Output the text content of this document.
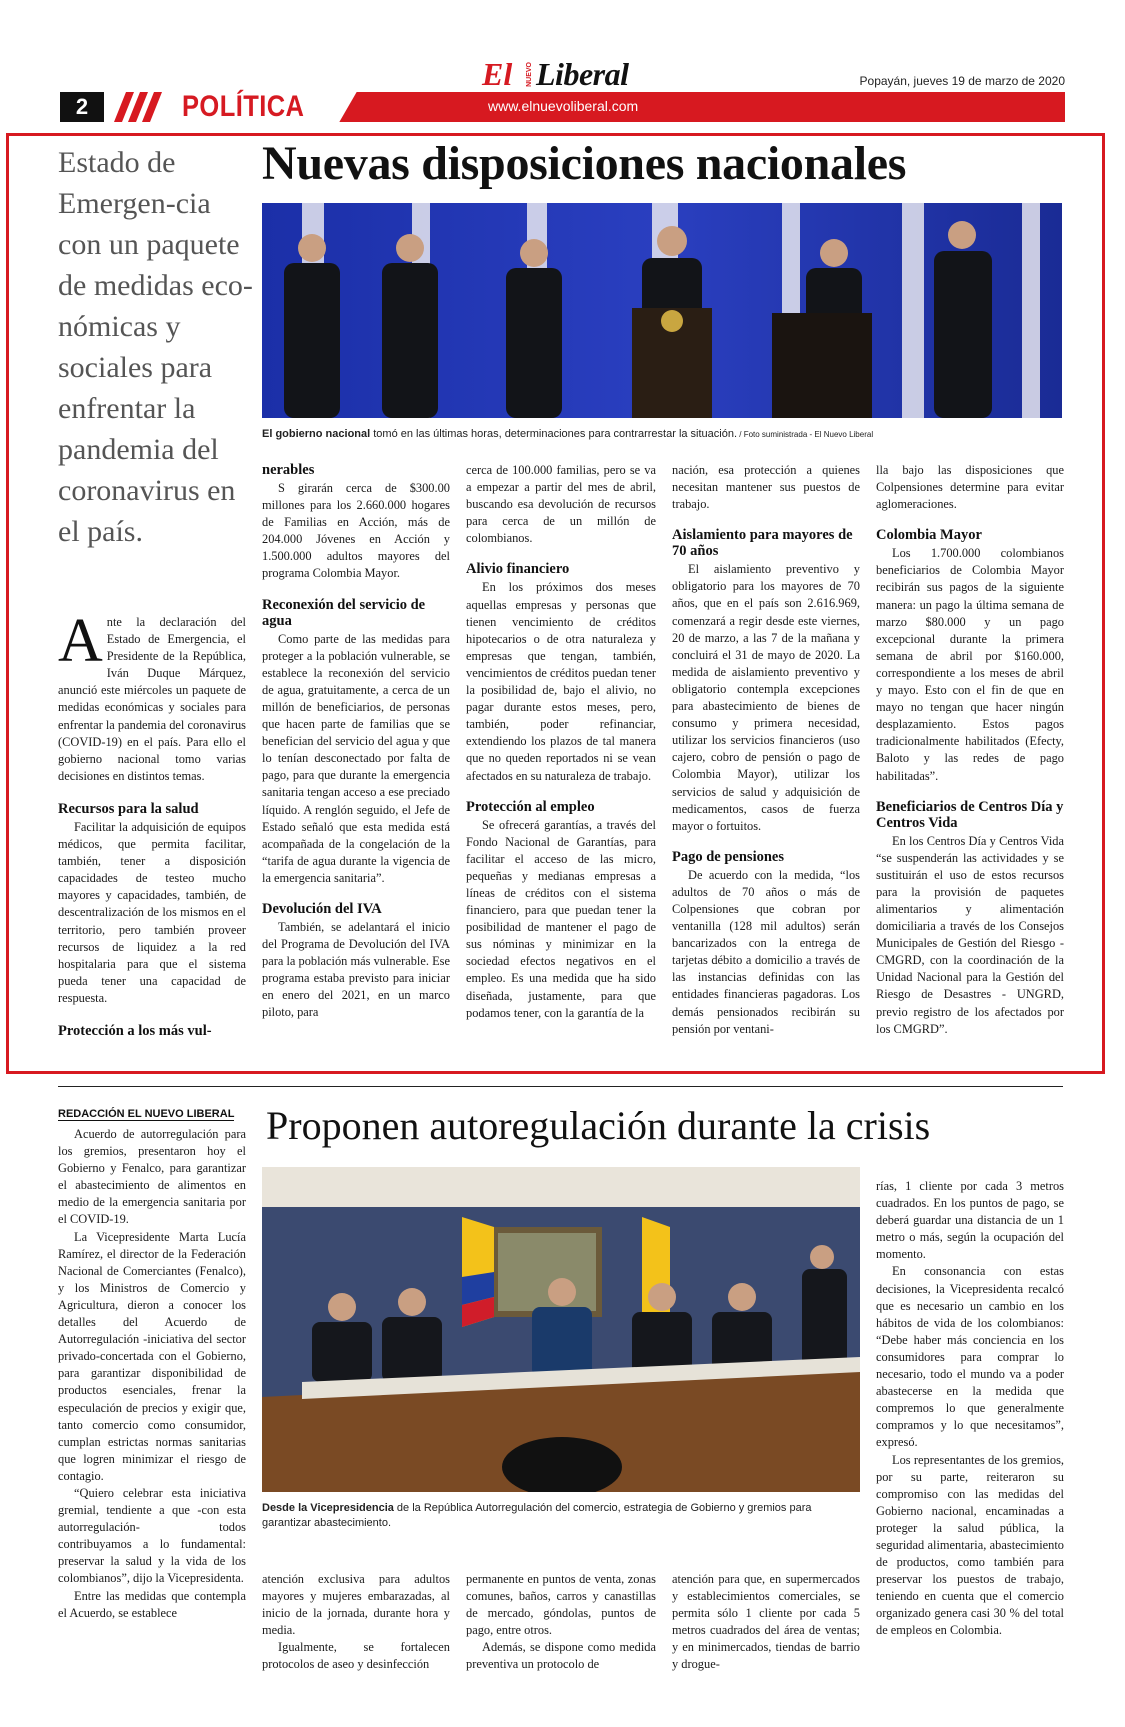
2	POLÍTICA	www.elnuevoliberal.com
El NUEVO Liberal	Popayán, jueves 19 de marzo de 2020
Estado de Emergen-cia con un paquete de medidas eco-nómicas y sociales para enfrentar la pandemia del coronavirus en el país.
Nuevas disposiciones nacionales
El gobierno nacional tomó en las últimas horas, determinaciones para contrarrestar la situación. / Foto suministrada - El Nuevo Liberal

Ante la declaración del Estado de Emergencia, el Presidente de la República, Iván Duque Márquez, anunció este miércoles un paquete de medidas económicas y sociales para enfrentar la pandemia del coronavirus (COVID-19) en el país. Para ello el gobierno nacional tomo varias decisiones en distintos temas.

Recursos para la salud

Facilitar la adquisición de equipos médicos, que permita facilitar, también, tener a disposición capacidades de testeo mucho mayores y capacidades, también, de descentralización de los mismos en el territorio, pero también proveer recursos de liquidez a la red hospitalaria para que el sistema pueda tener una capacidad de respuesta.

Protección a los más vul-
nerables

S girarán cerca de $300.00 millones para los 2.660.000 hogares de Familias en Acción, más de 204.000 Jóvenes en Acción y 1.500.000 adultos mayores del programa Colombia Mayor.

Reconexión del servicio de agua

Como parte de las medidas para proteger a la población vulnerable, se establece la reconexión del servicio de agua, gratuitamente, a cerca de un millón de beneficiarios, de personas que hacen parte de familias que se benefician del servicio del agua y que lo tenían desconectado por falta de pago, para que durante la emergencia sanitaria tengan acceso a ese preciado líquido. A renglón seguido, el Jefe de Estado señaló que esta medida está acompañada de la congelación de la “tarifa de agua durante la vigencia de la emergencia sanitaria”.

Devolución del IVA

También, se adelantará el inicio del Programa de Devolución del IVA para la población más vulnerable. Ese programa estaba previsto para iniciar en enero del 2021, en un marco piloto, para

cerca de 100.000 familias, pero se va a empezar a partir del mes de abril, buscando esa devolución de recursos para cerca de un millón de colombianos.

Alivio financiero

En los próximos dos meses aquellas empresas y personas que tienen vencimiento de créditos hipotecarios o de otra naturaleza y empresas que tengan, también, vencimientos de créditos puedan tener la posibilidad de, bajo el alivio, no pagar durante estos meses, pero, también, poder refinanciar, extendiendo los plazos de tal manera que no queden reportados ni se vean afectados en su naturaleza de trabajo.

Protección al empleo

Se ofrecerá garantías, a través del Fondo Nacional de Garantías, para facilitar el acceso de las micro, pequeñas y medianas empresas a líneas de créditos con el sistema financiero, para que puedan tener la posibilidad de mantener el pago de sus nóminas y minimizar en la sociedad efectos negativos en el empleo. Es una medida que ha sido diseñada, justamente, para que podamos tener, con la garantía de la

nación, esa protección a quienes necesitan mantener sus puestos de trabajo.

Aislamiento para mayores de 70 años

El aislamiento preventivo y obligatorio para los mayores de 70 años, que en el país son 2.616.969, comenzará a regir desde este viernes, 20 de marzo, a las 7 de la mañana y concluirá el 31 de mayo de 2020. La medida de aislamiento preventivo y obligatorio contempla excepciones para abastecimiento de bienes de consumo y primera necesidad, utilizar los servicios financieros (uso cajero, cobro de pensión o pago de Colombia Mayor), utilizar los servicios de salud y adquisición de medicamentos, casos de fuerza mayor o fortuitos.

Pago de pensiones

De acuerdo con la medida, “los adultos de 70 años o más de Colpensiones que cobran por ventanilla (128 mil adultos) serán bancarizados con la entrega de tarjetas débito a domicilio a través de las instancias definidas con las entidades financieras pagadoras. Los demás pensionados recibirán su pensión por ventani-

lla bajo las disposiciones que Colpensiones determine para evitar aglomeraciones.

Colombia Mayor

Los 1.700.000 colombianos beneficiarios de Colombia Mayor recibirán sus pagos de la siguiente manera: un pago la última semana de marzo $80.000 y un pago excepcional durante la primera semana de abril por $160.000, correspondiente a los meses de abril y mayo. Esto con el fin de que en mayo no tengan que hacer ningún desplazamiento. Estos pagos tradicionalmente habilitados (Efecty, Baloto y las redes de pago habilitadas”.

Beneficiarios de Centros Día y Centros Vida

En los Centros Día y Centros Vida “se suspenderán las actividades y se sustituirán el uso de estos recursos para la provisión de paquetes alimentarios y alimentación domiciliaria a través de los Consejos Municipales de Gestión del Riesgo -CMGRD, con la coordinación de la Unidad Nacional para la Gestión del Riesgo de Desastres - UNGRD, previo registro de los afectados por los CMGRD”.

REDACCIÓN EL NUEVO LIBERAL Proponen autoregulación durante la crisis
Desde la Vicepresidencia de la República Autorregulación del comercio, estrategia de Gobierno y gremios para garantizar abastecimiento.

Acuerdo de autorregulación para los gremios, presentaron hoy el Gobierno y Fenalco, para garantizar el abastecimiento de alimentos en medio de la emergencia sanitaria por el COVID-19.

La Vicepresidente Marta Lucía Ramírez, el director de la Federación Nacional de Comerciantes (Fenalco), y los Ministros de Comercio y Agricultura, dieron a conocer los detalles del Acuerdo de Autorregulación -iniciativa del sector privado-concertada con el Gobierno, para garantizar disponibilidad de productos esenciales, frenar la especulación de precios y exigir que, tanto comercio como consumidor, cumplan estrictas normas sanitarias que logren minimizar el riesgo de contagio.

“Quiero celebrar esta iniciativa gremial, tendiente a que -con esta autorregulación- todos contribuyamos a lo fundamental: preservar la salud y la vida de los colombianos”, dijo la Vicepresidenta.

Entre las medidas que contempla el Acuerdo, se establece

atención exclusiva para adultos mayores y mujeres embarazadas, al inicio de la jornada, durante hora y media.

Igualmente, se fortalecen protocolos de aseo y desinfección

permanente en puntos de venta, zonas comunes, baños, carros y canastillas de mercado, góndolas, puntos de pago, entre otros.

Además, se dispone como medida preventiva un protocolo de

atención para que, en supermercados y establecimientos comerciales, se permita sólo 1 cliente por cada 5 metros cuadrados del área de ventas; y en minimercados, tiendas de barrio y drogue-

rías, 1 cliente por cada 3 metros cuadrados. En los puntos de pago, se deberá guardar una distancia de un 1 metro o más, según la ocupación del momento.

En consonancia con estas decisiones, la Vicepresidenta recalcó que es necesario un cambio en los hábitos de vida de los colombianos: “Debe haber más conciencia en los consumidores para comprar lo necesario, todo el mundo va a poder abastecerse en la medida que compremos lo que generalmente compramos y lo que necesitamos”, expresó.

Los representantes de los gremios, por su parte, reiteraron su compromiso con las medidas del Gobierno nacional, encaminadas a proteger la salud pública, la seguridad alimentaria, abastecimiento de productos, como también para preservar los puestos de trabajo, teniendo en cuenta que el comercio organizado genera casi 30 % del total de empleos en Colombia.
